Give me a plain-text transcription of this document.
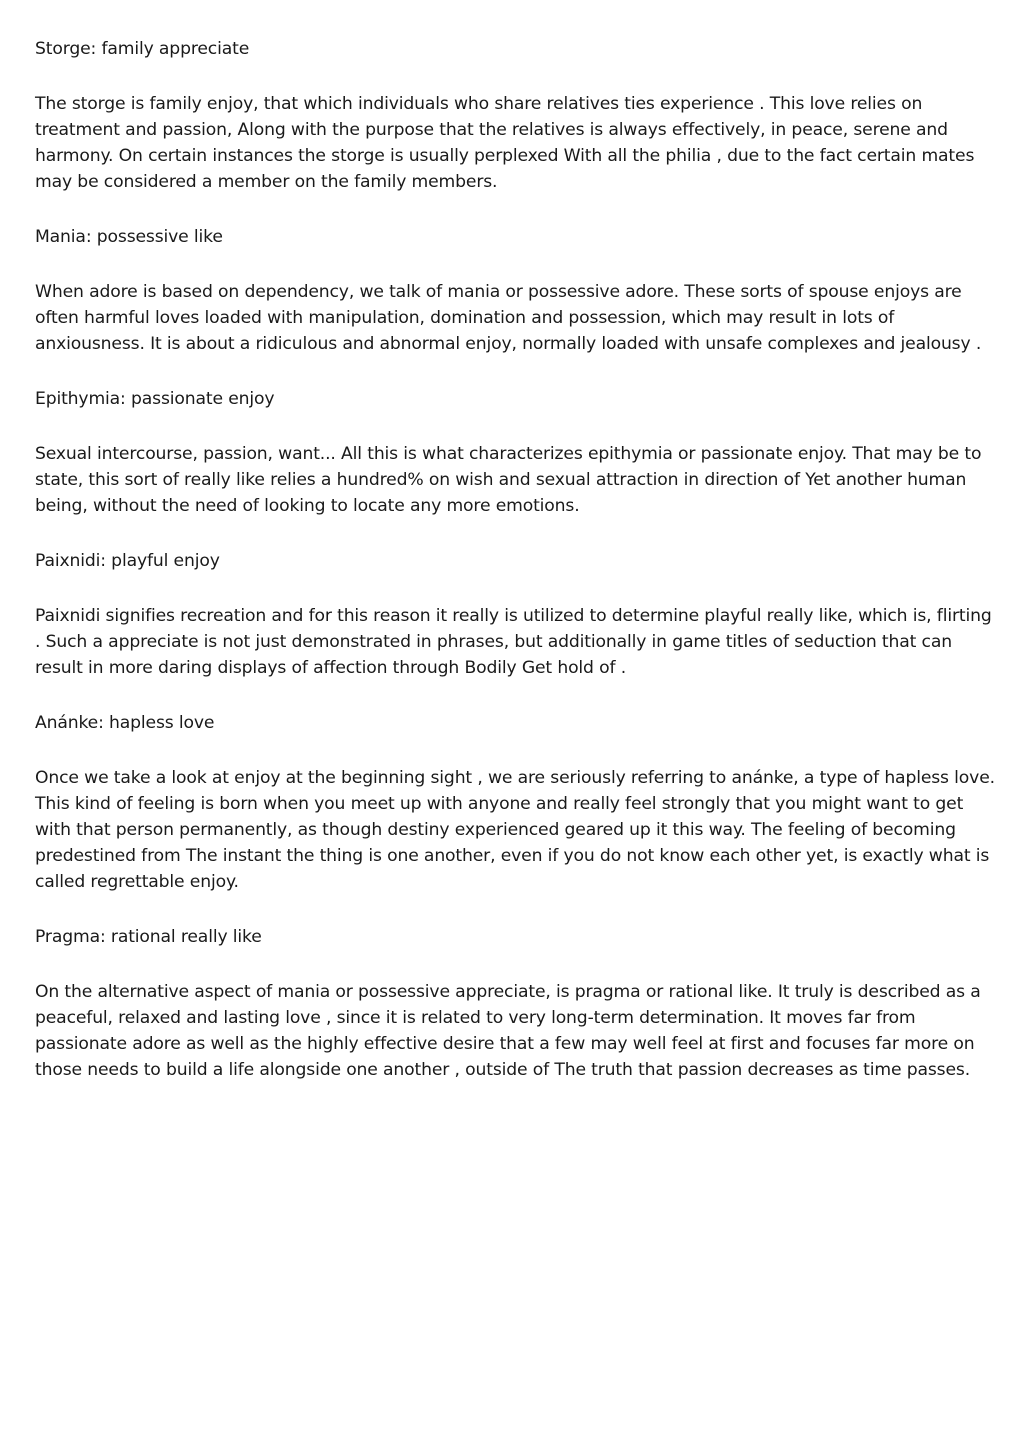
Storge: family appreciate
The storge is family enjoy, that which individuals who share relatives ties experience . This love relies on treatment and passion, Along with the purpose that the relatives is always effectively, in peace, serene and harmony. On certain instances the storge is usually perplexed With all the philia , due to the fact certain mates may be considered a member on the family members.
Mania: possessive like
When adore is based on dependency, we talk of mania or possessive adore. These sorts of spouse enjoys are often harmful loves loaded with manipulation, domination and possession, which may result in lots of anxiousness. It is about a ridiculous and abnormal enjoy, normally loaded with unsafe complexes and jealousy .
Epithymia: passionate enjoy
Sexual intercourse, passion, want... All this is what characterizes epithymia or passionate enjoy. That may be to state, this sort of really like relies a hundred% on wish and sexual attraction in direction of Yet another human being, without the need of looking to locate any more emotions.
Paixnidi: playful enjoy
Paixnidi signifies recreation and for this reason it really is utilized to determine playful really like, which is, flirting . Such a appreciate is not just demonstrated in phrases, but additionally in game titles of seduction that can result in more daring displays of affection through Bodily Get hold of .
Anánke: hapless love
Once we take a look at enjoy at the beginning sight , we are seriously referring to anánke, a type of hapless love. This kind of feeling is born when you meet up with anyone and really feel strongly that you might want to get with that person permanently, as though destiny experienced geared up it this way. The feeling of becoming predestined from The instant the thing is one another, even if you do not know each other yet, is exactly what is called regrettable enjoy.
Pragma: rational really like
On the alternative aspect of mania or possessive appreciate, is pragma or rational like. It truly is described as a peaceful, relaxed and lasting love , since it is related to very long-term determination. It moves far from passionate adore as well as the highly effective desire that a few may well feel at first and focuses far more on those needs to build a life alongside one another , outside of The truth that passion decreases as time passes.
